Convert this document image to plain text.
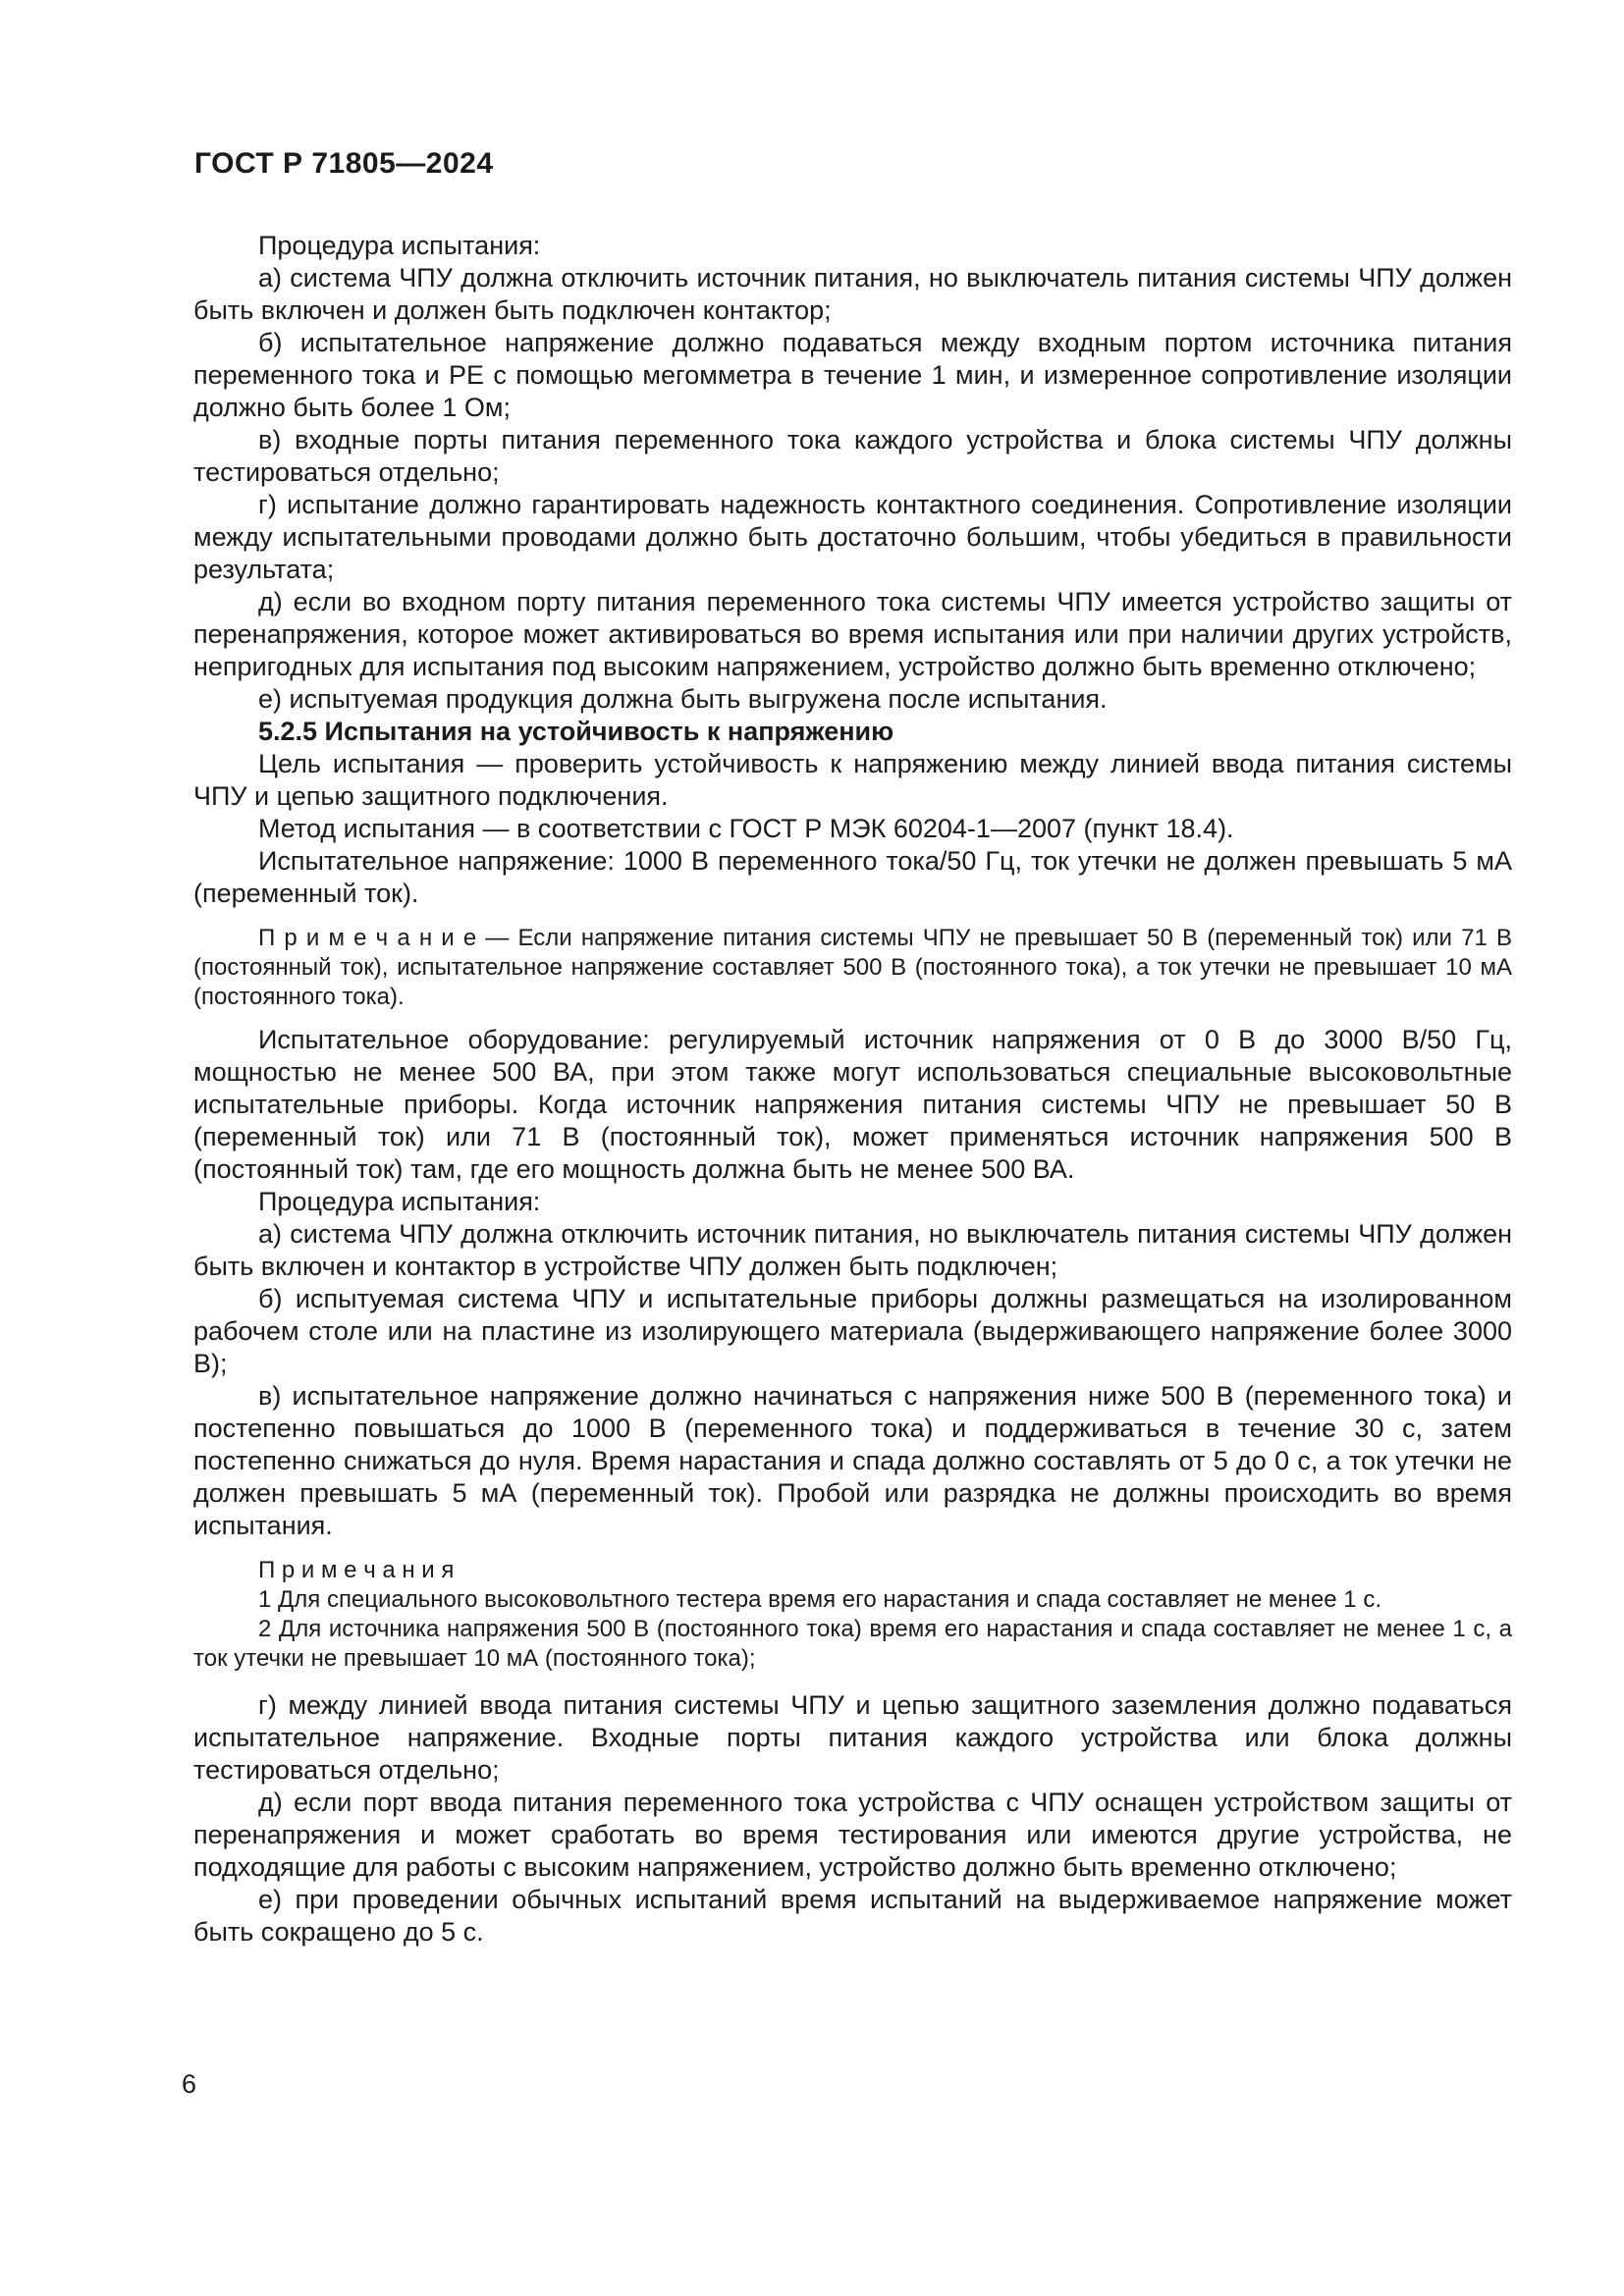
ГОСТ Р 71805—2024

Процедура испытания:

а) система ЧПУ должна отключить источник питания, но выключатель питания системы ЧПУ должен быть включен и должен быть подключен контактор;

б) испытательное напряжение должно подаваться между входным портом источника питания переменного тока и PE с помощью мегомметра в течение 1 мин, и измеренное сопротивление изоляции должно быть более 1 Ом;

в) входные порты питания переменного тока каждого устройства и блока системы ЧПУ должны тестироваться отдельно;

г) испытание должно гарантировать надежность контактного соединения. Сопротивление изоляции между испытательными проводами должно быть достаточно большим, чтобы убедиться в правильности результата;

д) если во входном порту питания переменного тока системы ЧПУ имеется устройство защиты от перенапряжения, которое может активироваться во время испытания или при наличии других устройств, непригодных для испытания под высоким напряжением, устройство должно быть временно отключено;

е) испытуемая продукция должна быть выгружена после испытания.

5.2.5 Испытания на устойчивость к напряжению

Цель испытания — проверить устойчивость к напряжению между линией ввода питания системы ЧПУ и цепью защитного подключения.

Метод испытания — в соответствии с ГОСТ Р МЭК 60204-1—2007 (пункт 18.4).

Испытательное напряжение: 1000 В переменного тока/50 Гц, ток утечки не должен превышать 5 мА (переменный ток).

П р и м е ч а н и е — Если напряжение питания системы ЧПУ не превышает 50 В (переменный ток) или 71 В (постоянный ток), испытательное напряжение составляет 500 В (постоянного тока), а ток утечки не превышает 10 мА (постоянного тока).

Испытательное оборудование: регулируемый источник напряжения от 0 В до 3000 В/50 Гц, мощностью не менее 500 ВА, при этом также могут использоваться специальные высоковольтные испытательные приборы. Когда источник напряжения питания системы ЧПУ не превышает 50 В (переменный ток) или 71 В (постоянный ток), может применяться источник напряжения 500 В (постоянный ток) там, где его мощность должна быть не менее 500 ВА.

Процедура испытания:

а) система ЧПУ должна отключить источник питания, но выключатель питания системы ЧПУ должен быть включен и контактор в устройстве ЧПУ должен быть подключен;

б) испытуемая система ЧПУ и испытательные приборы должны размещаться на изолированном рабочем столе или на пластине из изолирующего материала (выдерживающего напряжение более 3000 В);

в) испытательное напряжение должно начинаться с напряжения ниже 500 В (переменного тока) и постепенно повышаться до 1000 В (переменного тока) и поддерживаться в течение 30 с, затем постепенно снижаться до нуля. Время нарастания и спада должно составлять от 5 до 0 с, а ток утечки не должен превышать 5 мА (переменный ток). Пробой или разрядка не должны происходить во время испытания.

П р и м е ч а н и я

1 Для специального высоковольтного тестера время его нарастания и спада составляет не менее 1 с.

2 Для источника напряжения 500 В (постоянного тока) время его нарастания и спада составляет не менее 1 с, а ток утечки не превышает 10 мА (постоянного тока);

г) между линией ввода питания системы ЧПУ и цепью защитного заземления должно подаваться испытательное напряжение. Входные порты питания каждого устройства или блока должны тестироваться отдельно;

д) если порт ввода питания переменного тока устройства с ЧПУ оснащен устройством защиты от перенапряжения и может сработать во время тестирования или имеются другие устройства, не подходящие для работы с высоким напряжением, устройство должно быть временно отключено;

е) при проведении обычных испытаний время испытаний на выдерживаемое напряжение может быть сокращено до 5 с.

6
